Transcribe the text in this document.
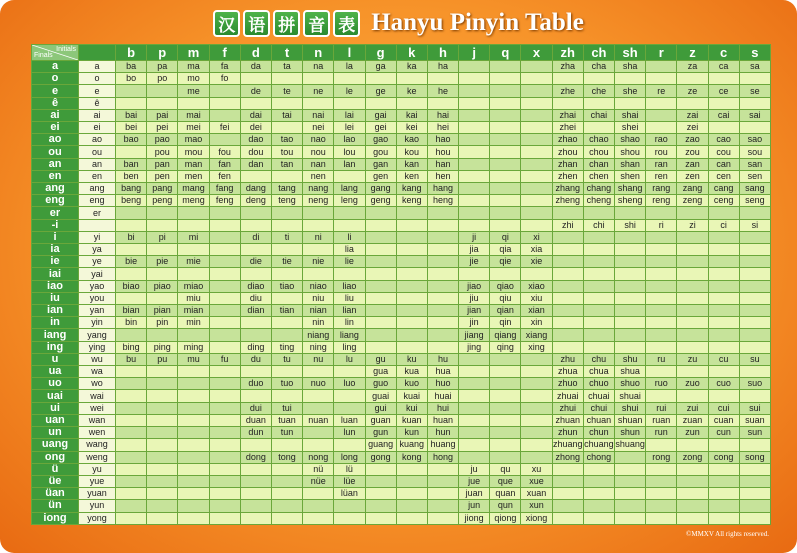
汉 语 拼 音 表 Hanyu Pinyin Table
Initials
Finals		b	p	m	f	d	t	n	l	g	k	h	j	q	x	zh	ch	sh	r	z	c	s
a	a	ba	pa	ma	fa	da	ta	na	la	ga	ka	ha				zha	cha	sha		za	ca	sa
o	o	bo	po	mo	fo																	
e	e			me		de	te	ne	le	ge	ke	he				zhe	che	she	re	ze	ce	se
ê	ê																					
ai	ai	bai	pai	mai		dai	tai	nai	lai	gai	kai	hai				zhai	chai	shai		zai	cai	sai
ei	ei	bei	pei	mei	fei	dei		nei	lei	gei	kei	hei				zhei		shei		zei		
ao	ao	bao	pao	mao		dao	tao	nao	lao	gao	kao	hao				zhao	chao	shao	rao	zao	cao	sao
ou	ou		pou	mou	fou	dou	tou	nou	lou	gou	kou	hou				zhou	chou	shou	rou	zou	cou	sou
an	an	ban	pan	man	fan	dan	tan	nan	lan	gan	kan	han				zhan	chan	shan	ran	zan	can	san
en	en	ben	pen	men	fen			nen		gen	ken	hen				zhen	chen	shen	ren	zen	cen	sen
ang	ang	bang	pang	mang	fang	dang	tang	nang	lang	gang	kang	hang				zhang	chang	shang	rang	zang	cang	sang
eng	eng	beng	peng	meng	feng	deng	teng	neng	leng	geng	keng	heng				zheng	cheng	sheng	reng	zeng	ceng	seng
er	er																					
-i																zhi	chi	shi	ri	zi	ci	si
i	yi	bi	pi	mi		di	ti	ni	li				ji	qi	xi							
ia	ya								lia				jia	qia	xia							
ie	ye	bie	pie	mie		die	tie	nie	lie				jie	qie	xie							
iai	yai																					
iao	yao	biao	piao	miao		diao	tiao	niao	liao				jiao	qiao	xiao							
iu	you			miu		diu		niu	liu				jiu	qiu	xiu							
ian	yan	bian	pian	mian		dian	tian	nian	lian				jian	qian	xian							
in	yin	bin	pin	min				nin	lin				jin	qin	xin							
iang	yang							niang	liang				jiang	qiang	xiang							
ing	ying	bing	ping	ming		ding	ting	ning	ling				jing	qing	xing							
u	wu	bu	pu	mu	fu	du	tu	nu	lu	gu	ku	hu				zhu	chu	shu	ru	zu	cu	su
ua	wa									gua	kua	hua				zhua	chua	shua				
uo	wo					duo	tuo	nuo	luo	guo	kuo	huo				zhuo	chuo	shuo	ruo	zuo	cuo	suo
uai	wai									guai	kuai	huai				zhuai	chuai	shuai				
ui	wei					dui	tui			gui	kui	hui				zhui	chui	shui	rui	zui	cui	sui
uan	wan					duan	tuan	nuan	luan	guan	kuan	huan				zhuan	chuan	shuan	ruan	zuan	cuan	suan
un	wen					dun	tun		lun	gun	kun	hun				zhun	chun	shun	run	zun	cun	sun
uang	wang									guang	kuang	huang				zhuang	chuang	shuang				
ong	weng					dong	tong	nong	long	gong	kong	hong				zhong	chong		rong	zong	cong	song
ü	yu							nü	lü				ju	qu	xu							
üe	yue							nüe	lüe				jue	que	xue							
üan	yuan								lüan				juan	quan	xuan							
ün	yun												jun	qun	xun							
iong	yong												jiong	qiong	xiong							
©MMXV All rights reserved.
